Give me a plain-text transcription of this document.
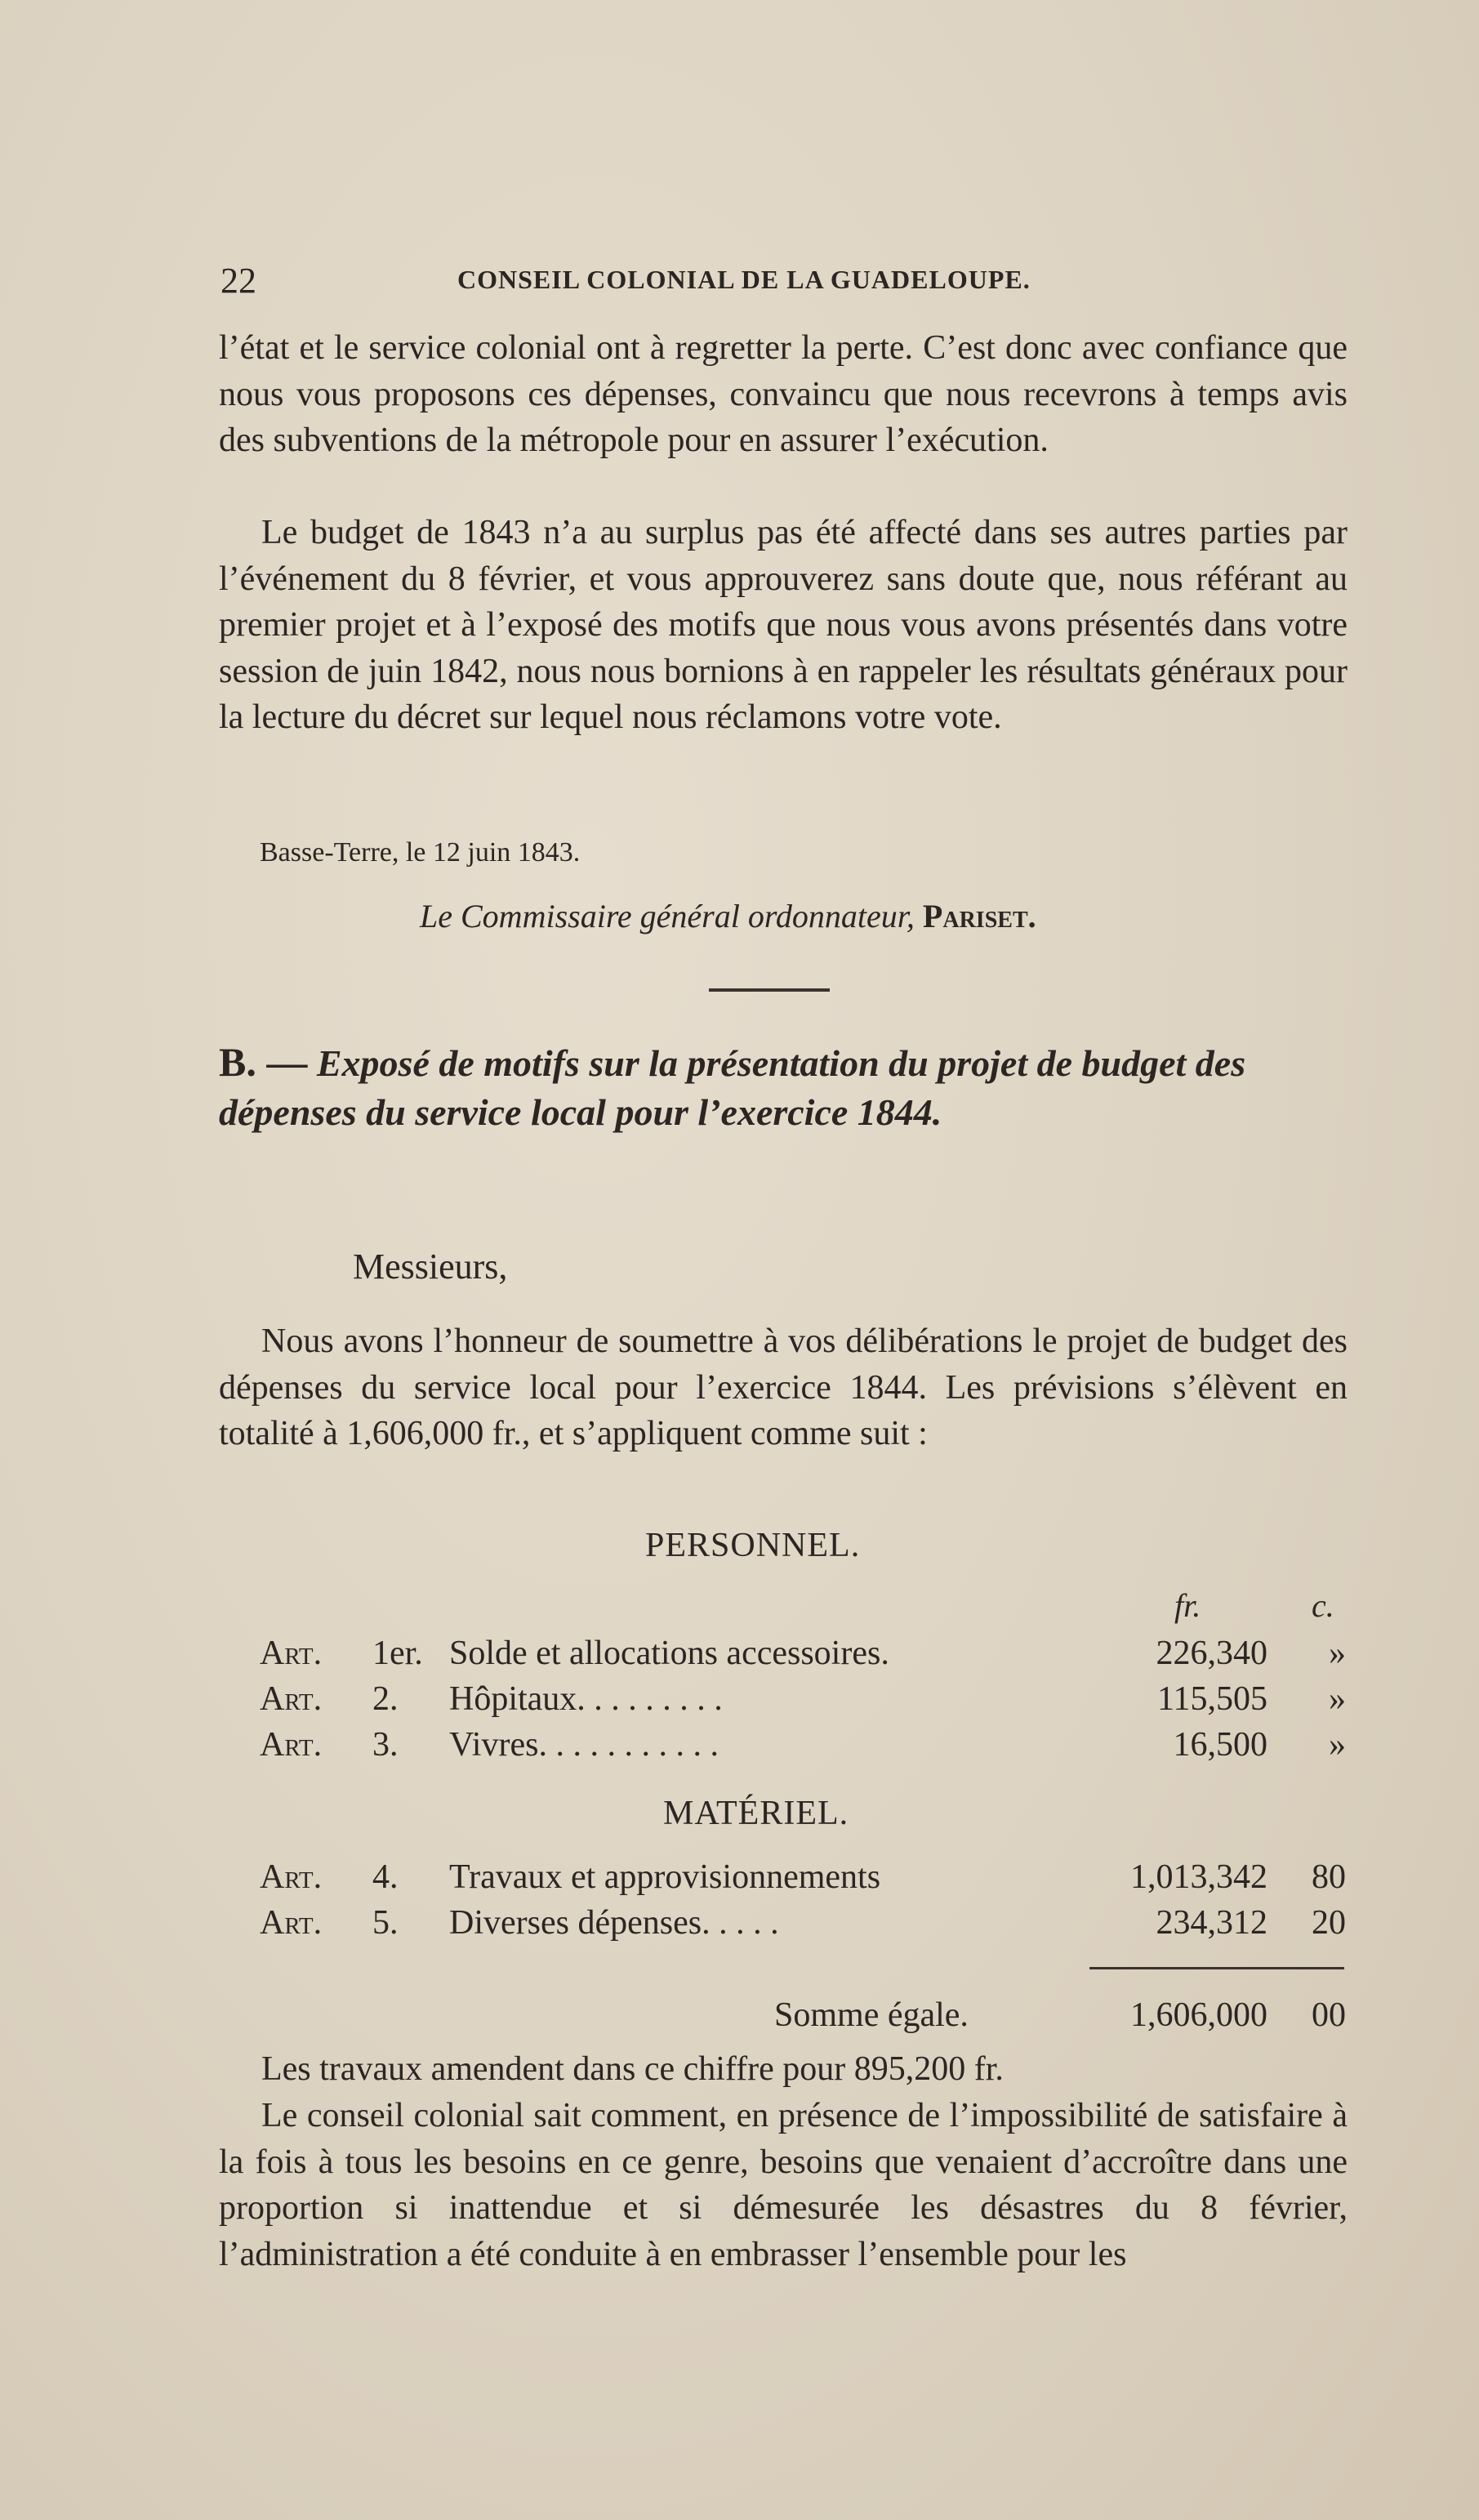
22	CONSEIL COLONIAL DE LA GUADELOUPE.

l’état et le service colonial ont à regretter la perte. C’est donc avec confiance que nous vous proposons ces dépenses, convaincu que nous recevrons à temps avis des subventions de la métropole pour en assurer l’exécution.

Le budget de 1843 n’a au surplus pas été affecté dans ses autres parties par l’événement du 8 février, et vous approuverez sans doute que, nous référant au premier projet et à l’exposé des motifs que nous vous avons présentés dans votre session de juin 1842, nous nous bornions à en rappeler les résultats généraux pour la lecture du décret sur lequel nous réclamons votre vote.

Basse-Terre, le 12 juin 1843.
Le Commissaire général ordonnateur, Pariset.

B. — Exposé de motifs sur la présentation du projet de budget des dépenses du service local pour l’exercice 1844.

Messieurs,

Nous avons l’honneur de soumettre à vos délibérations le projet de budget des dépenses du service local pour l’exercice 1844. Les prévisions s’élèvent en totalité à 1,606,000 fr., et s’appliquent comme suit :

PERSONNEL.
fr.	c.
Art. 1er. Solde et allocations accessoires.	226,340	»
Art. 2. Hôpitaux. . . . . . . . .	115,505	»
Art. 3. Vivres. . . . . . . . . . .	16,500	»
MATÉRIEL.
Art. 4. Travaux et approvisionnements	1,013,342	80
Art. 5. Diverses dépenses. . . . .	234,312	20
Somme égale.	1,606,000	00

Les travaux amendent dans ce chiffre pour 895,200 fr.

Le conseil colonial sait comment, en présence de l’impossibilité de satisfaire à la fois à tous les besoins en ce genre, besoins que venaient d’accroître dans une proportion si inattendue et si démesurée les désastres du 8 février, l’administration a été conduite à en embrasser l’ensemble pour les
